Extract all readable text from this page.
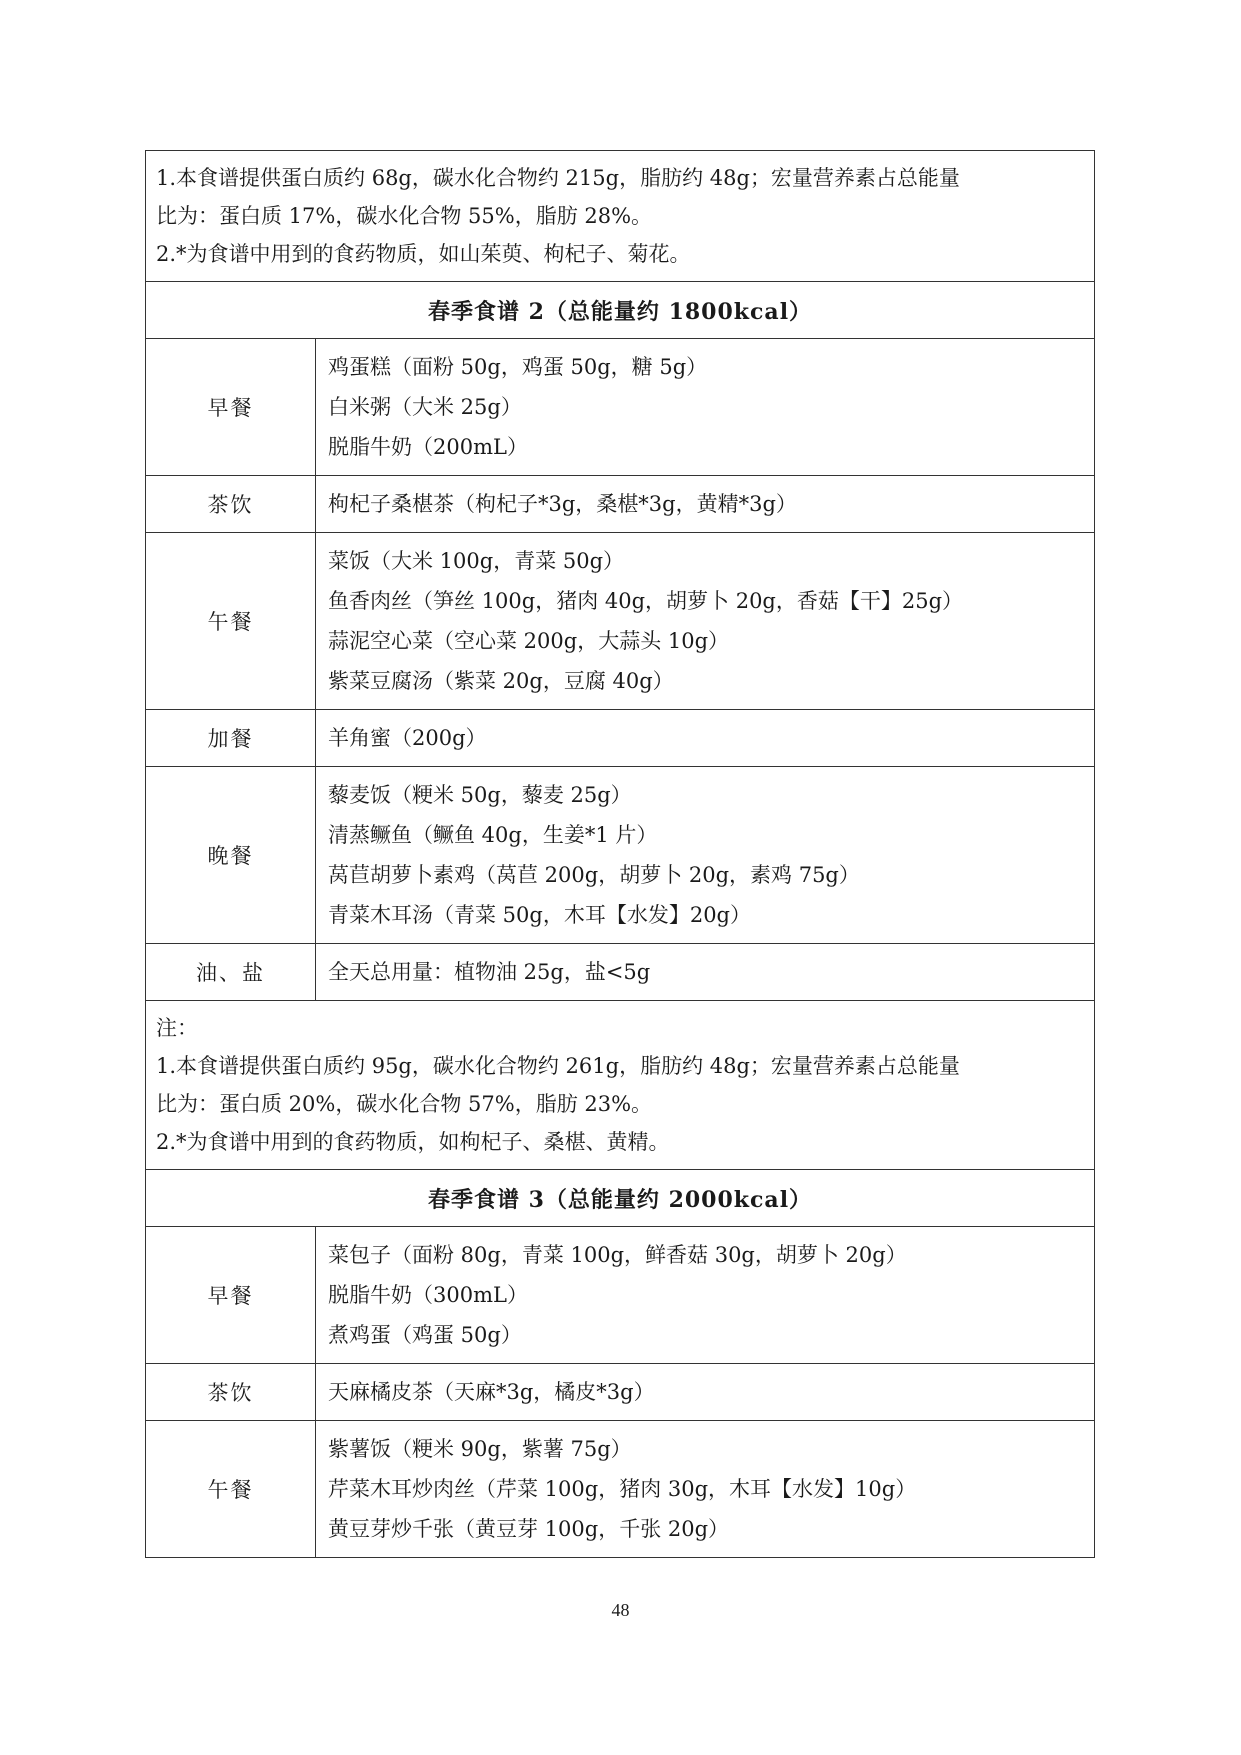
1.本食谱提供蛋白质约 68g，碳水化合物约 215g，脂肪约 48g；宏量营养素占总能量
比为：蛋白质 17%，碳水化合物 55%，脂肪 28%。
2.*为食谱中用到的食药物质，如山茱萸、枸杞子、菊花。	

春季食谱 2（总能量约 1800kcal）	
早餐	鸡蛋糕（面粉 50g，鸡蛋 50g，糖 5g）
白米粥（大米 25g）
脱脂牛奶（200mL）

茶饮	枸杞子桑椹茶（枸杞子*3g，桑椹*3g，黄精*3g）

午餐	菜饭（大米 100g，青菜 50g）
鱼香肉丝（笋丝 100g，猪肉 40g，胡萝卜 20g，香菇【干】25g）
蒜泥空心菜（空心菜 200g，大蒜头 10g）
紫菜豆腐汤（紫菜 20g，豆腐 40g）

加餐	羊角蜜（200g）

晚餐	藜麦饭（粳米 50g，藜麦 25g）
清蒸鳜鱼（鳜鱼 40g，生姜*1 片）
莴苣胡萝卜素鸡（莴苣 200g，胡萝卜 20g，素鸡 75g）
青菜木耳汤（青菜 50g，木耳【水发】20g）

油、盐	全天总用量：植物油 25g，盐<5g

注：
1.本食谱提供蛋白质约 95g，碳水化合物约 261g，脂肪约 48g；宏量营养素占总能量
比为：蛋白质 20%，碳水化合物 57%，脂肪 23%。
2.*为食谱中用到的食药物质，如枸杞子、桑椹、黄精。	

春季食谱 3（总能量约 2000kcal）	
早餐	菜包子（面粉 80g，青菜 100g，鲜香菇 30g，胡萝卜 20g）
脱脂牛奶（300mL）
煮鸡蛋（鸡蛋 50g）

茶饮	天麻橘皮茶（天麻*3g，橘皮*3g）

午餐	紫薯饭（粳米 90g，紫薯 75g）
芹菜木耳炒肉丝（芹菜 100g，猪肉 30g，木耳【水发】10g）
黄豆芽炒千张（黄豆芽 100g，千张 20g）
48
